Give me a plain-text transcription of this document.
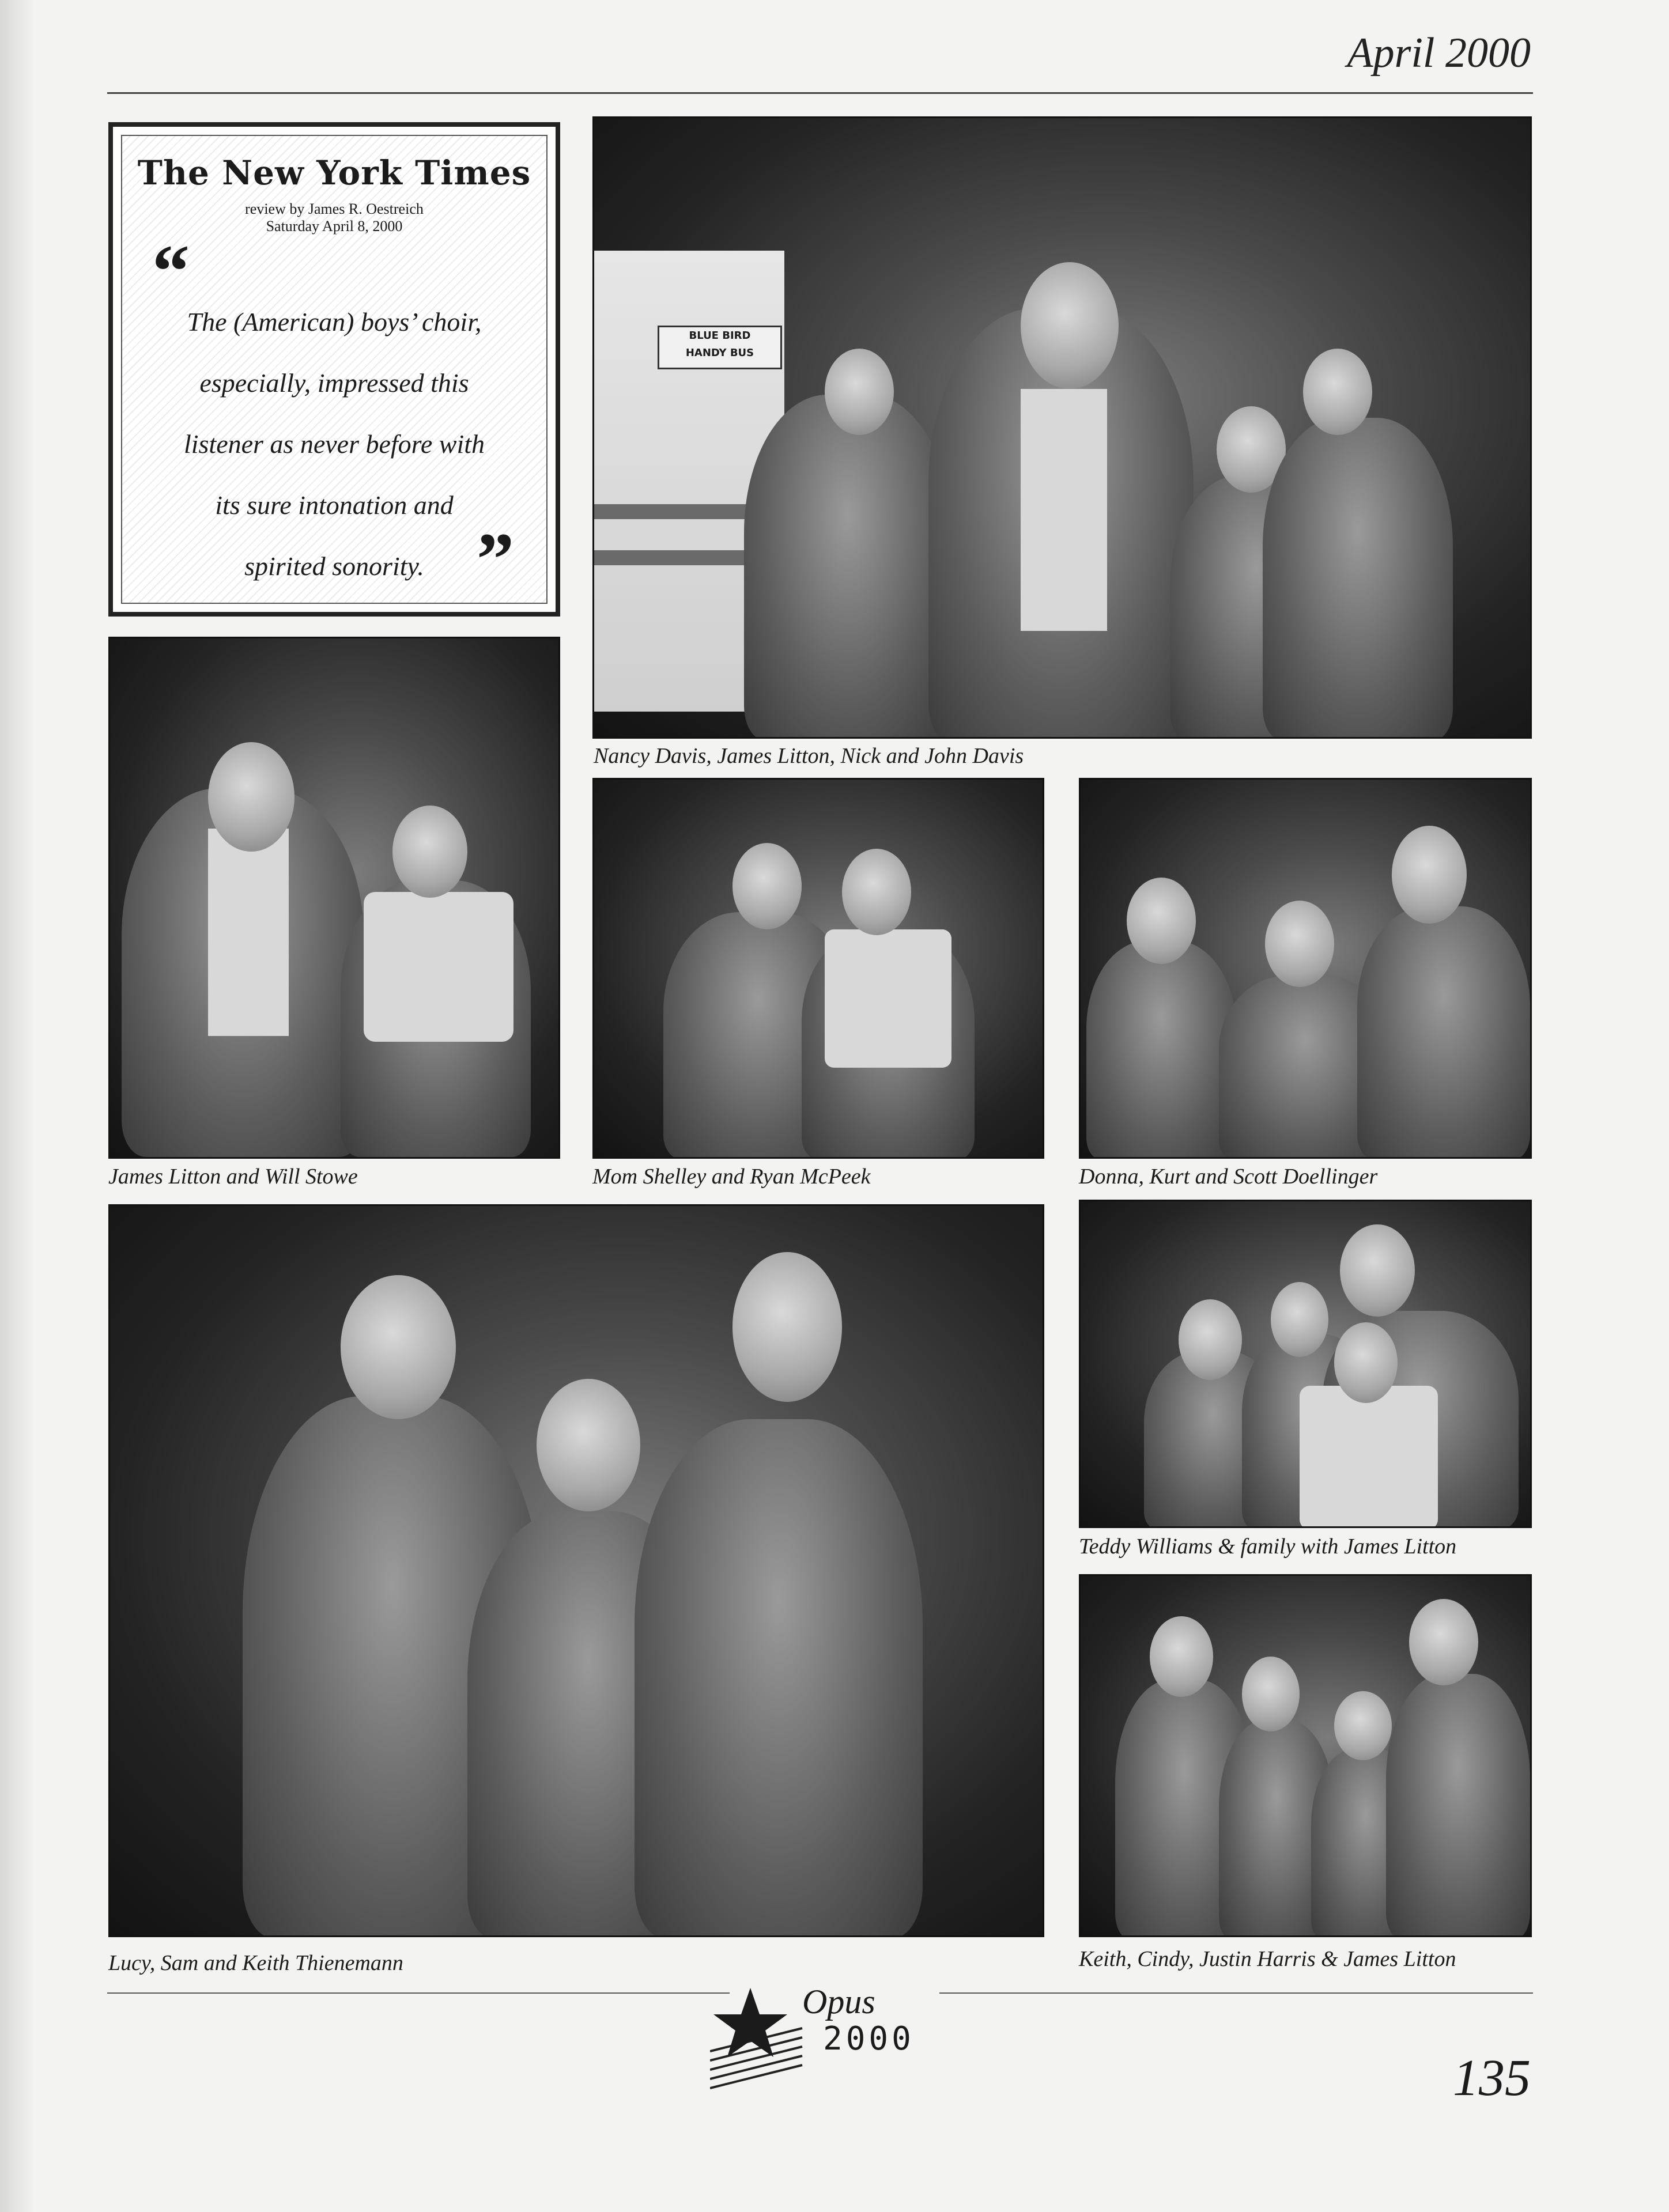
April 2000
The New York Times
review by James R. Oestreich
Saturday April 8, 2000
“
The (American) boys’ choir,
especially, impressed this
listener as never before with
its sure intonation and
spirited sonority. ”
BLUE BIRD
HANDY BUS
Nancy Davis, James Litton, Nick and John Davis
James Litton and Will Stowe	Mom Shelley and Ryan McPeek	Donna, Kurt and Scott Doellinger
Lucy, Sam and Keith Thienemann
Teddy Williams & family with James Litton
Keith, Cindy, Justin Harris & James Litton
Opus
2000
135
